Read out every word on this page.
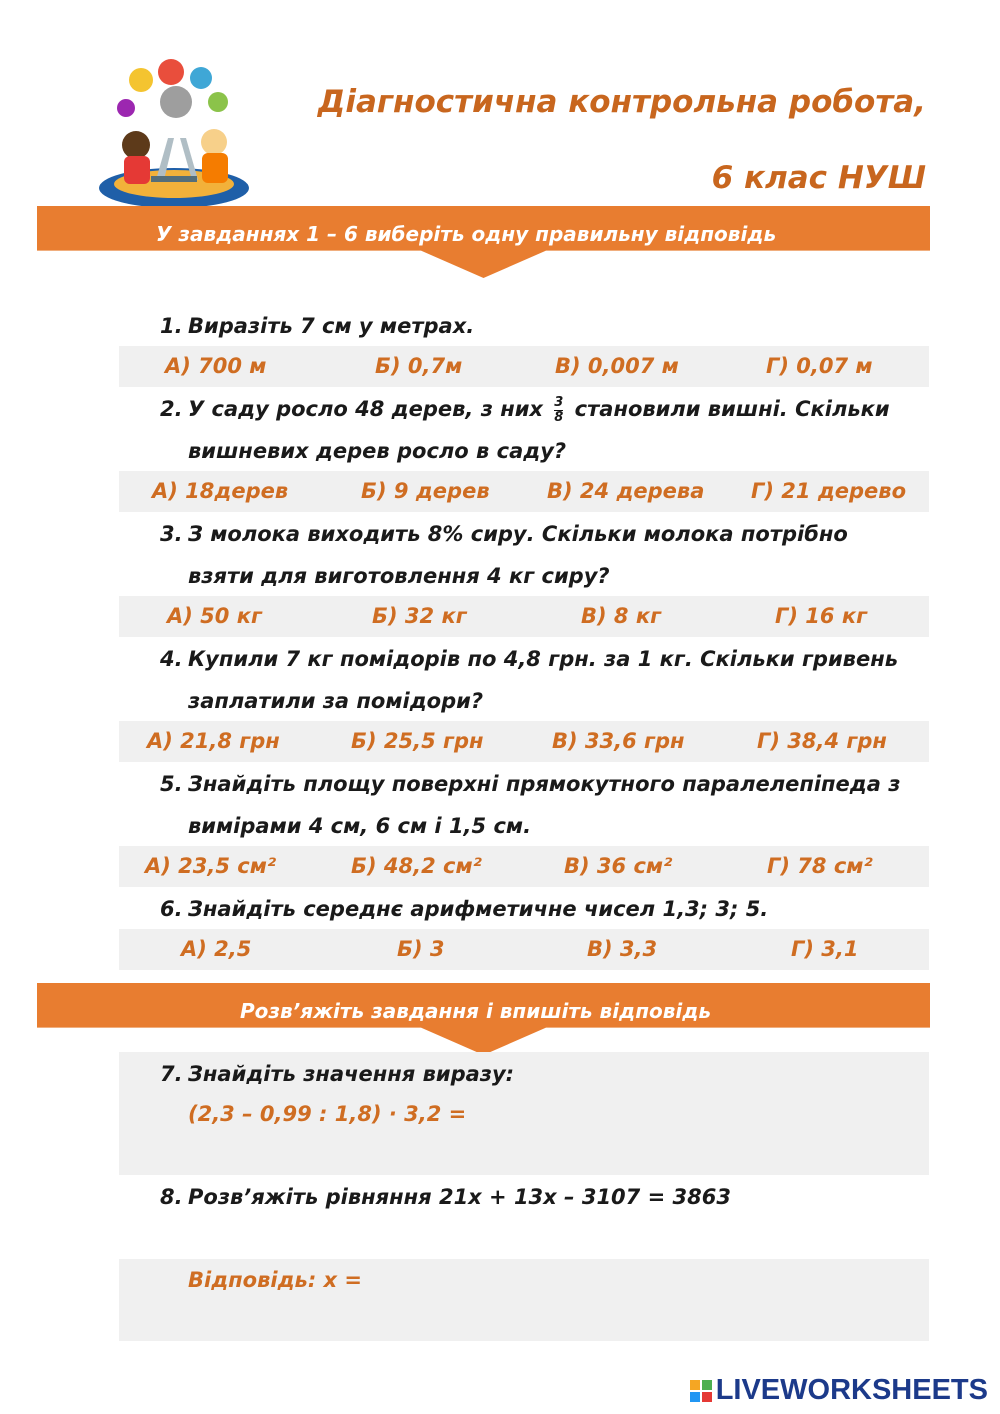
Діагностична контрольна робота,
6 клас НУШ
У завданнях 1 – 6 виберіть одну правильну відповідь
1. Виразіть 7 см у метрах.
А) 700 м	Б) 0,7м	В) 0,007 м	Г) 0,07 м
2. У саду росло 48 дерев, з них $\frac{3}{8}$ становили вишні. Скільки
вишневих дерев росло в саду?
А) 18дерев	Б) 9 дерев	В) 24 дерева Г) 21 дерево
3. З молока виходить 8% сиру. Скільки молока потрібно
взяти для виготовлення 4 кг сиру?
А) 50 кг	Б) 32 кг	В) 8 кг	Г) 16 кг
4. Купили 7 кг помідорів по 4,8 грн. за 1 кг. Скільки гривень
заплатили за помідори?
А) 21,8 грн	Б) 25,5 грн	В) 33,6 грн	Г) 38,4 грн
5. Знайдіть площу поверхні прямокутного паралелепіпеда з
вимірами 4 см, 6 см і 1,5 см.
А) 23,5 см²	Б) 48,2 см²	В) 36 см²	Г) 78 см²
6. Знайдіть середнє арифметичне чисел 1,3; 3; 5.
А) 2,5	Б) 3	В) 3,3	Г) 3,1
Розв’яжіть завдання і впишіть відповідь
7. Знайдіть значення виразу:
(2,3 – 0,99 : 1,8) · 3,2 =
8. Розв’яжіть рівняння 21x + 13x – 3107 = 3863
Відповідь: x =
LIVEWORKSHEETS
